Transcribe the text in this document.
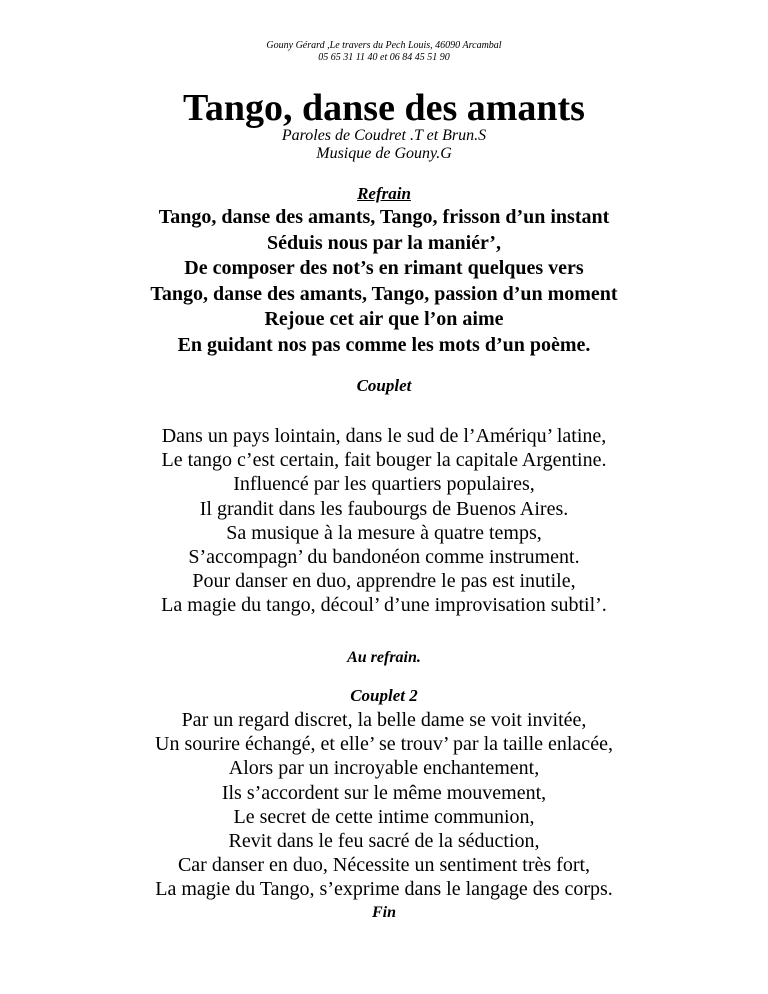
Gouny Gérard ,Le travers du Pech Louis, 46090 Arcambal
05 65 31 11 40 et 06 84 45 51 90
Tango, danse des amants
Paroles de Coudret .T et Brun.S
Musique de Gouny.G
Refrain
Tango, danse des amants, Tango, frisson d’un instant
Séduis nous par la maniér’,
De composer des not’s en rimant quelques vers
Tango, danse des amants, Tango, passion d’un moment
Rejoue cet air que l’on aime
En guidant nos pas comme les mots d’un poème.
Couplet
Dans un pays lointain, dans le sud de l’Amériqu’ latine,
Le tango c’est certain, fait bouger la capitale Argentine.
Influencé par les quartiers populaires,
Il grandit dans les faubourgs de Buenos Aires.
Sa musique à la mesure à quatre temps,
S’accompagn’ du bandonéon comme instrument.
Pour danser en duo, apprendre le pas est inutile,
La magie du tango, découl’ d’une improvisation subtil’.
Au refrain.
Couplet 2
Par un regard discret, la belle dame se voit invitée,
Un sourire échangé, et elle’ se trouv’ par la taille enlacée,
Alors par un incroyable enchantement,
Ils s’accordent sur le même mouvement,
Le secret de cette intime communion,
Revit dans le feu sacré de la séduction,
Car danser en duo, Nécessite un sentiment très fort,
La magie du Tango, s’exprime dans le langage des corps.
Fin
